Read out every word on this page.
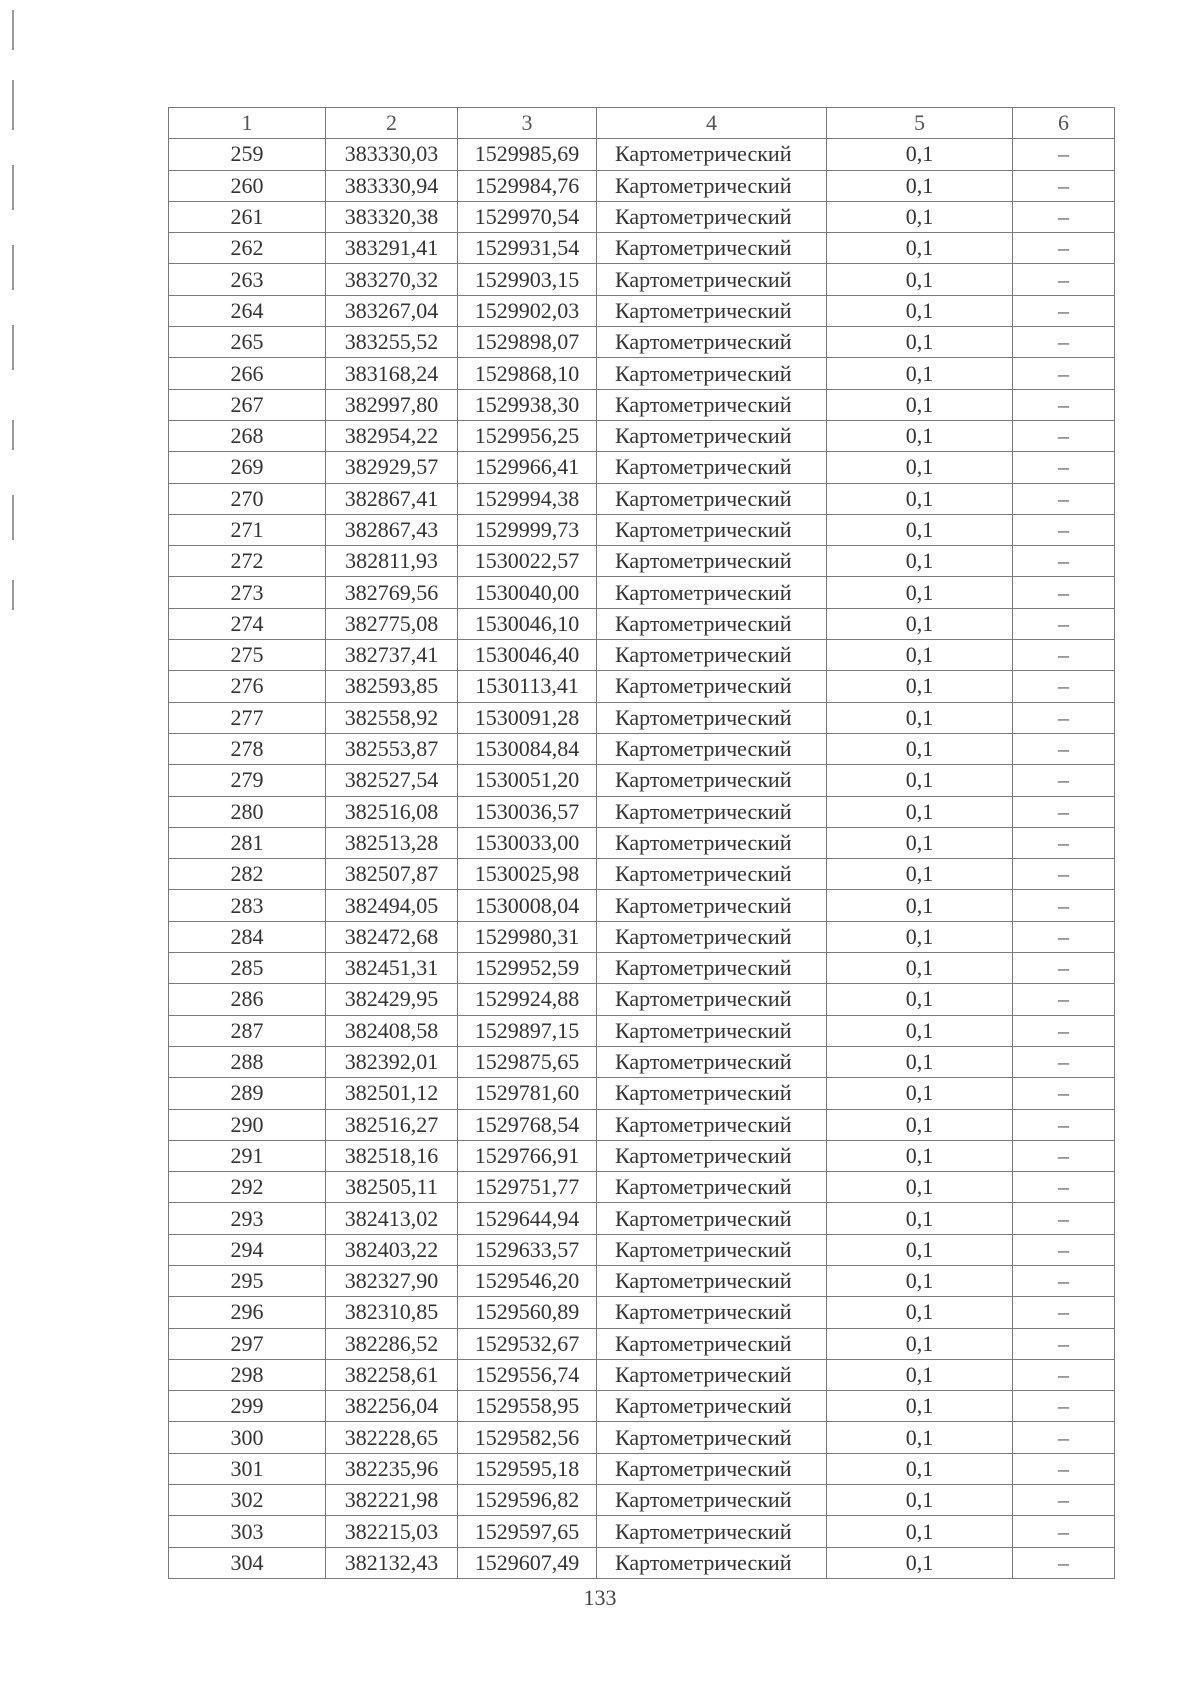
1	2	3	4	5	6
259	383330,03	1529985,69	Картометрический	0,1	–
260	383330,94	1529984,76	Картометрический	0,1	–
261	383320,38	1529970,54	Картометрический	0,1	–
262	383291,41	1529931,54	Картометрический	0,1	–
263	383270,32	1529903,15	Картометрический	0,1	–
264	383267,04	1529902,03	Картометрический	0,1	–
265	383255,52	1529898,07	Картометрический	0,1	–
266	383168,24	1529868,10	Картометрический	0,1	–
267	382997,80	1529938,30	Картометрический	0,1	–
268	382954,22	1529956,25	Картометрический	0,1	–
269	382929,57	1529966,41	Картометрический	0,1	–
270	382867,41	1529994,38	Картометрический	0,1	–
271	382867,43	1529999,73	Картометрический	0,1	–
272	382811,93	1530022,57	Картометрический	0,1	–
273	382769,56	1530040,00	Картометрический	0,1	–
274	382775,08	1530046,10	Картометрический	0,1	–
275	382737,41	1530046,40	Картометрический	0,1	–
276	382593,85	1530113,41	Картометрический	0,1	–
277	382558,92	1530091,28	Картометрический	0,1	–
278	382553,87	1530084,84	Картометрический	0,1	–
279	382527,54	1530051,20	Картометрический	0,1	–
280	382516,08	1530036,57	Картометрический	0,1	–
281	382513,28	1530033,00	Картометрический	0,1	–
282	382507,87	1530025,98	Картометрический	0,1	–
283	382494,05	1530008,04	Картометрический	0,1	–
284	382472,68	1529980,31	Картометрический	0,1	–
285	382451,31	1529952,59	Картометрический	0,1	–
286	382429,95	1529924,88	Картометрический	0,1	–
287	382408,58	1529897,15	Картометрический	0,1	–
288	382392,01	1529875,65	Картометрический	0,1	–
289	382501,12	1529781,60	Картометрический	0,1	–
290	382516,27	1529768,54	Картометрический	0,1	–
291	382518,16	1529766,91	Картометрический	0,1	–
292	382505,11	1529751,77	Картометрический	0,1	–
293	382413,02	1529644,94	Картометрический	0,1	–
294	382403,22	1529633,57	Картометрический	0,1	–
295	382327,90	1529546,20	Картометрический	0,1	–
296	382310,85	1529560,89	Картометрический	0,1	–
297	382286,52	1529532,67	Картометрический	0,1	–
298	382258,61	1529556,74	Картометрический	0,1	–
299	382256,04	1529558,95	Картометрический	0,1	–
300	382228,65	1529582,56	Картометрический	0,1	–
301	382235,96	1529595,18	Картометрический	0,1	–
302	382221,98	1529596,82	Картометрический	0,1	–
303	382215,03	1529597,65	Картометрический	0,1	–
304	382132,43	1529607,49	Картометрический	0,1	–
133
